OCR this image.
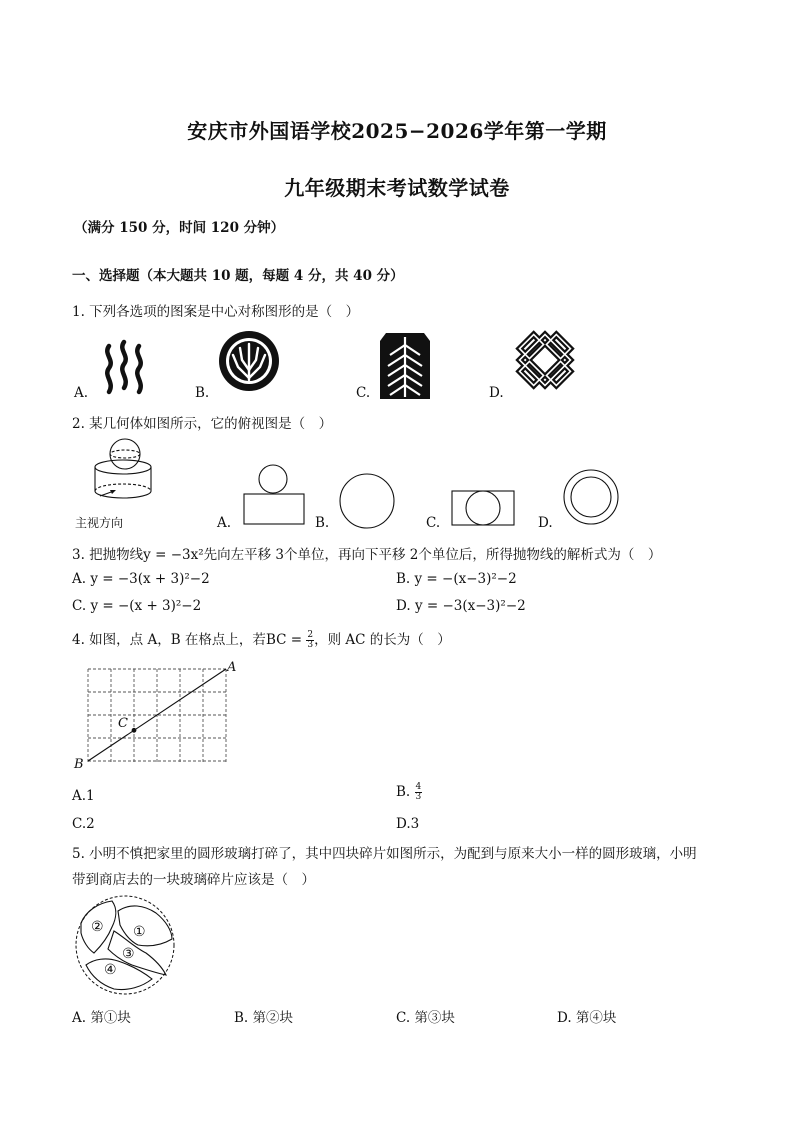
安庆市外国语学校2025−2026学年第一学期
九年级期末考试数学试卷
（满分 150 分，时间 120 分钟）
一、选择题（本大题共 10 题，每题 4 分，共 40 分）
1. 下列各选项的图案是中心对称图形的是（　）
A.	B.	C.	D.
2. 某几何体如图所示，它的俯视图是（　）
主视方向	A.	B.	C.	D.
3. 把抛物线y = −3x²先向左平移 3个单位，再向下平移 2个单位后，所得抛物线的解析式为（　）
A. y = −3(x + 3)²−2	B. y = −(x−3)²−2
C. y = −(x + 3)²−2	D. y = −3(x−3)²−2
4. 如图，点 A，B 在格点上，若BC = $\frac{2}{3}$ ，则 AC 的长为（　）
A
B
C
A.1	B. $\frac{4}{3}$
C.2	D.3
5. 小明不慎把家里的圆形玻璃打碎了，其中四块碎片如图所示，为配到与原来大小一样的圆形玻璃，小明
带到商店去的一块玻璃碎片应该是（　）
② ①
③
④
A. 第①块	B. 第②块	C. 第③块	D. 第④块
